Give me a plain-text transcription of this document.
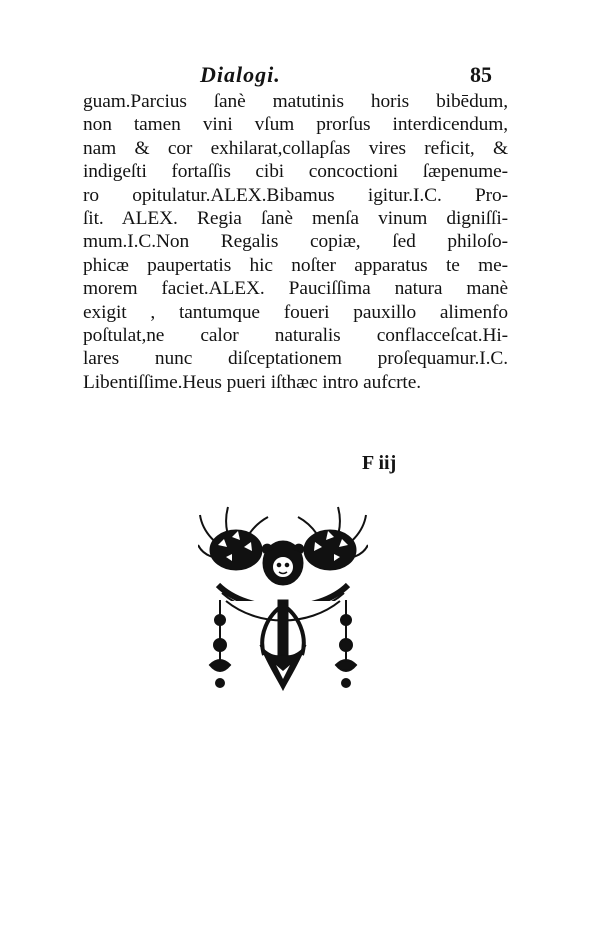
Dialogi.	85
guam.Parcius ſanè matutinis horis bibēdum,
non tamen vini vſum prorſus interdicendum,
nam & cor exhilarat,collapſas vires reficit, &
indigeſti fortaſſis cibi concoctioni ſæpenume-
ro opitulatur.ALEX.Bibamus igitur.I.C. Pro-
ſit. ALEX. Regia ſanè menſa vinum digniſſi-
mum.I.C.Non Regalis copiæ, ſed philoſo-
phicæ paupertatis hic noſter apparatus te me-
morem faciet.ALEX. Pauciſſima natura manè
exigit , tantumque foueri pauxillo alimenfo
poſtulat,ne calor naturalis conflacceſcat.Hi-
lares nunc diſceptationem proſequamur.I.C.
Libentiſſime.Heus pueri iſthæc intro aufcrte.
F iij
